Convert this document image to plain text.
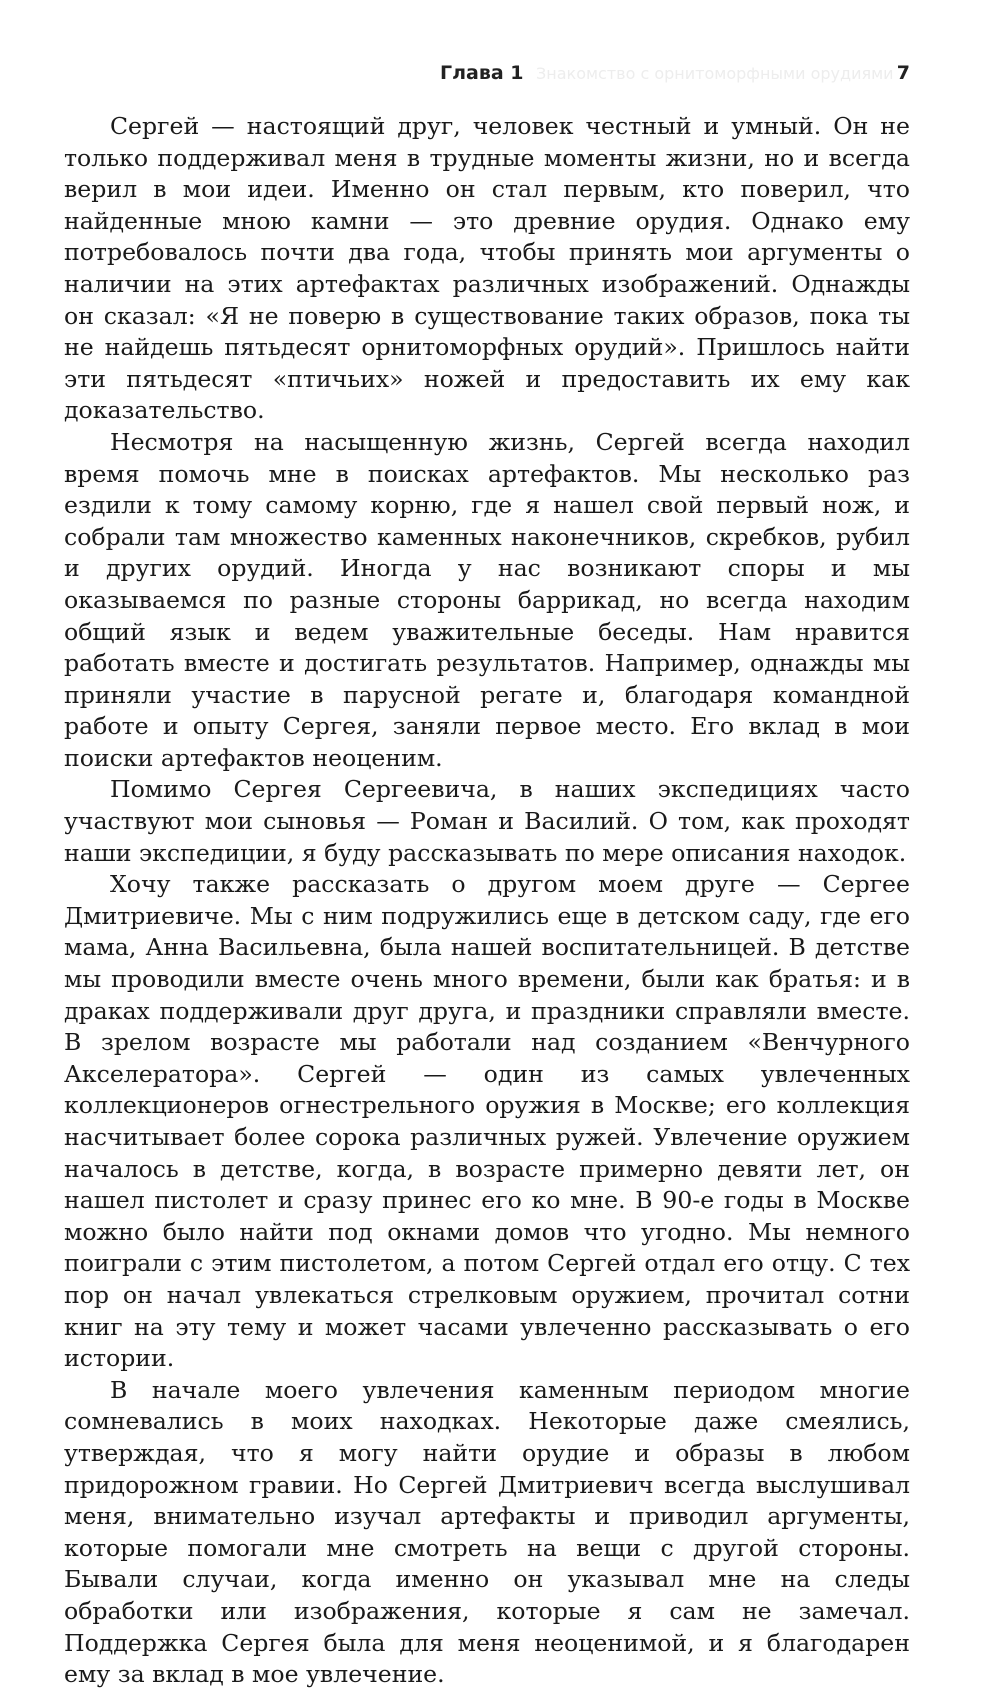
Глава 1 Знакомство с орнитоморфными орудиями 7

Сергей — настоящий друг, человек честный и умный. Он не только поддерживал меня в трудные моменты жизни, но и всегда верил в мои идеи. Именно он стал первым, кто поверил, что найденные мною камни — это древние орудия. Однако ему потребовалось почти два года, чтобы принять мои аргументы о наличии на этих артефактах различных изображений. Однажды он сказал: «Я не поверю в существование таких образов, пока ты не найдешь пятьдесят орнитоморфных орудий». Пришлось найти эти пятьдесят «птичьих» ножей и предоставить их ему как доказательство.

Несмотря на насыщенную жизнь, Сергей всегда находил время помочь мне в поисках артефактов. Мы несколько раз ездили к тому самому корню, где я нашел свой первый нож, и собрали там множество каменных наконечников, скребков, рубил и других орудий. Иногда у нас возникают споры и мы оказываемся по разные стороны баррикад, но всегда находим общий язык и ведем уважительные беседы. Нам нравится работать вместе и достигать результатов. Например, однажды мы приняли участие в парусной регате и, благодаря командной работе и опыту Сергея, заняли первое место. Его вклад в мои поиски артефактов неоценим.

Помимо Сергея Сергеевича, в наших экспедициях часто участвуют мои сыновья — Роман и Василий. О том, как проходят наши экспедиции, я буду рассказывать по мере описания находок.

Хочу также рассказать о другом моем друге — Сергее Дмитриевиче. Мы с ним подружились еще в детском саду, где его мама, Анна Васильевна, была нашей воспитательницей. В детстве мы проводили вместе очень много времени, были как братья: и в драках поддерживали друг друга, и праздники справляли вместе. В зрелом возрасте мы работали над созданием «Венчурного Акселератора». Сергей — один из самых увлеченных коллекционеров огнестрельного оружия в Москве; его коллекция насчитывает более сорока различных ружей. Увлечение оружием началось в детстве, когда, в возрасте примерно девяти лет, он нашел пистолет и сразу принес его ко мне. В 90-е годы в Москве можно было найти под окнами домов что угодно. Мы немного поиграли с этим пистолетом, а потом Сергей отдал его отцу. С тех пор он начал увлекаться стрелковым оружием, прочитал сотни книг на эту тему и может часами увлеченно рассказывать о его истории.

В начале моего увлечения каменным периодом многие сомневались в моих находках. Некоторые даже смеялись, утверждая, что я могу найти орудие и образы в любом придорожном гравии. Но Сергей Дмитриевич всегда выслушивал меня, внимательно изучал артефакты и приводил аргументы, которые помогали мне смотреть на вещи с другой стороны. Бывали случаи, когда именно он указывал мне на следы обработки или изображения, которые я сам не замечал. Поддержка Сергея была для меня неоценимой, и я благодарен ему за вклад в мое увлечение.
